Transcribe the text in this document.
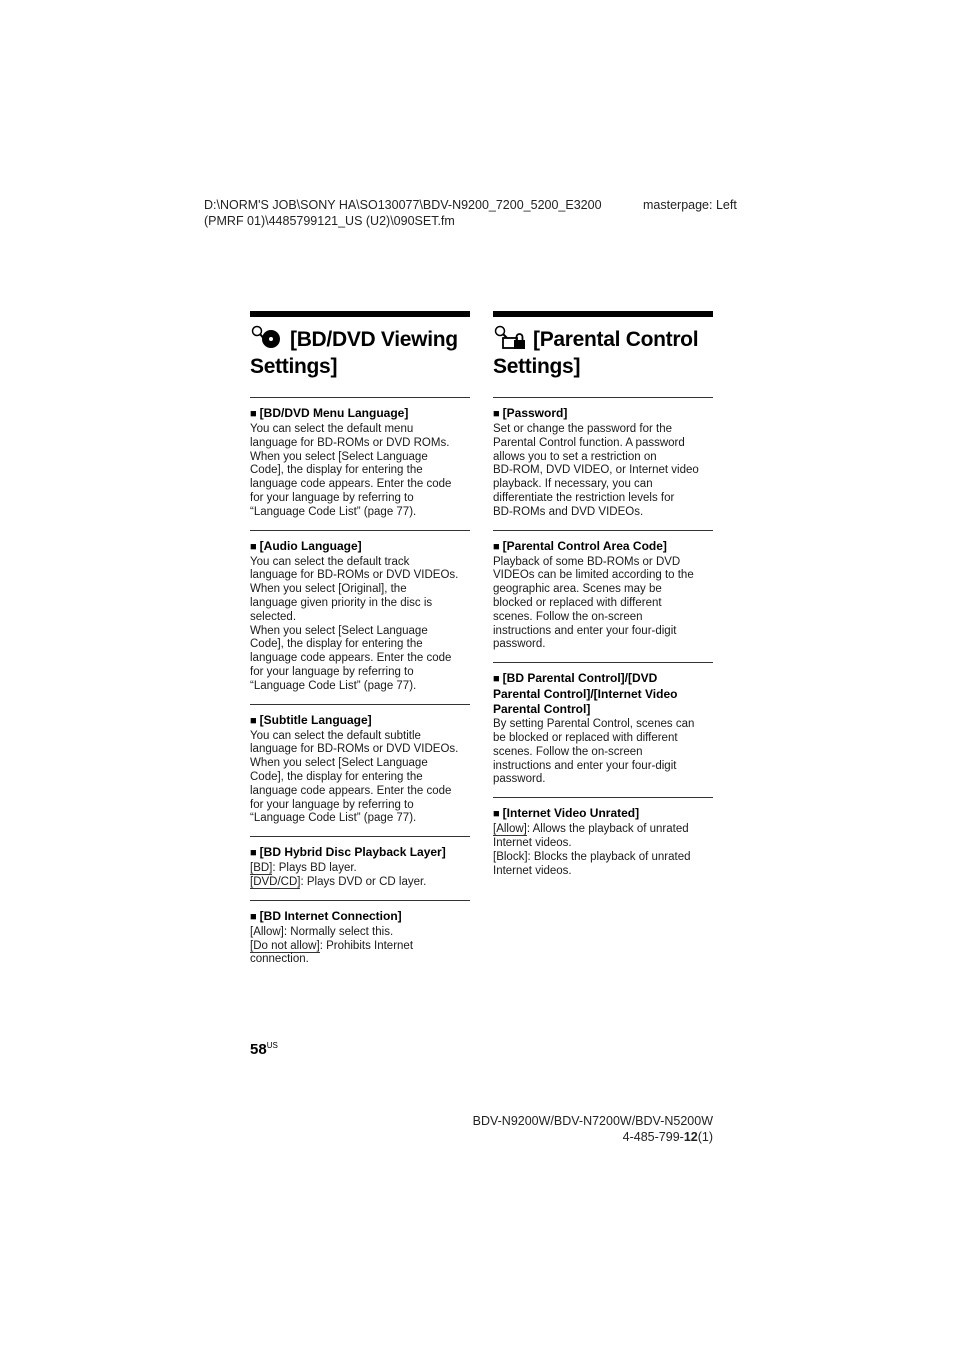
D:\NORM'S JOB\SONY HA\SO130077\BDV-N9200_7200_5200_E3200
(PMRF 01)\4485799121_US (U2)\090SET.fm
masterpage: Left
[BD/DVD Viewing
Settings]
■ [BD/DVD Menu Language]

You can select the default menu

language for BD-ROMs or DVD ROMs.

When you select [Select Language

Code], the display for entering the

language code appears. Enter the code

for your language by referring to

“Language Code List” (page 77).

■ [Audio Language]

You can select the default track

language for BD-ROMs or DVD VIDEOs.

When you select [Original], the

language given priority in the disc is

selected.

When you select [Select Language

Code], the display for entering the

language code appears. Enter the code

for your language by referring to

“Language Code List” (page 77).

■ [Subtitle Language]

You can select the default subtitle

language for BD-ROMs or DVD VIDEOs.

When you select [Select Language

Code], the display for entering the

language code appears. Enter the code

for your language by referring to

“Language Code List” (page 77).

■ [BD Hybrid Disc Playback Layer]

[BD]: Plays BD layer.

[DVD/CD]: Plays DVD or CD layer.

■ [BD Internet Connection]

[Allow]: Normally select this.

[Do not allow]: Prohibits Internet

connection.

[Parental Control
Settings]
■ [Password]

Set or change the password for the

Parental Control function. A password

allows you to set a restriction on

BD-ROM, DVD VIDEO, or Internet video

playback. If necessary, you can

differentiate the restriction levels for

BD-ROMs and DVD VIDEOs.

■ [Parental Control Area Code]

Playback of some BD-ROMs or DVD

VIDEOs can be limited according to the

geographic area. Scenes may be

blocked or replaced with different

scenes. Follow the on-screen

instructions and enter your four-digit

password.

■ [BD Parental Control]/[DVD
Parental Control]/[Internet Video
Parental Control]

By setting Parental Control, scenes can

be blocked or replaced with different

scenes. Follow the on-screen

instructions and enter your four-digit

password.

■ [Internet Video Unrated]

[Allow]: Allows the playback of unrated

Internet videos.

[Block]: Blocks the playback of unrated

Internet videos.

$58^{US}$
BDV-N9200W/BDV-N7200W/BDV-N5200W
4-485-799-12(1)
